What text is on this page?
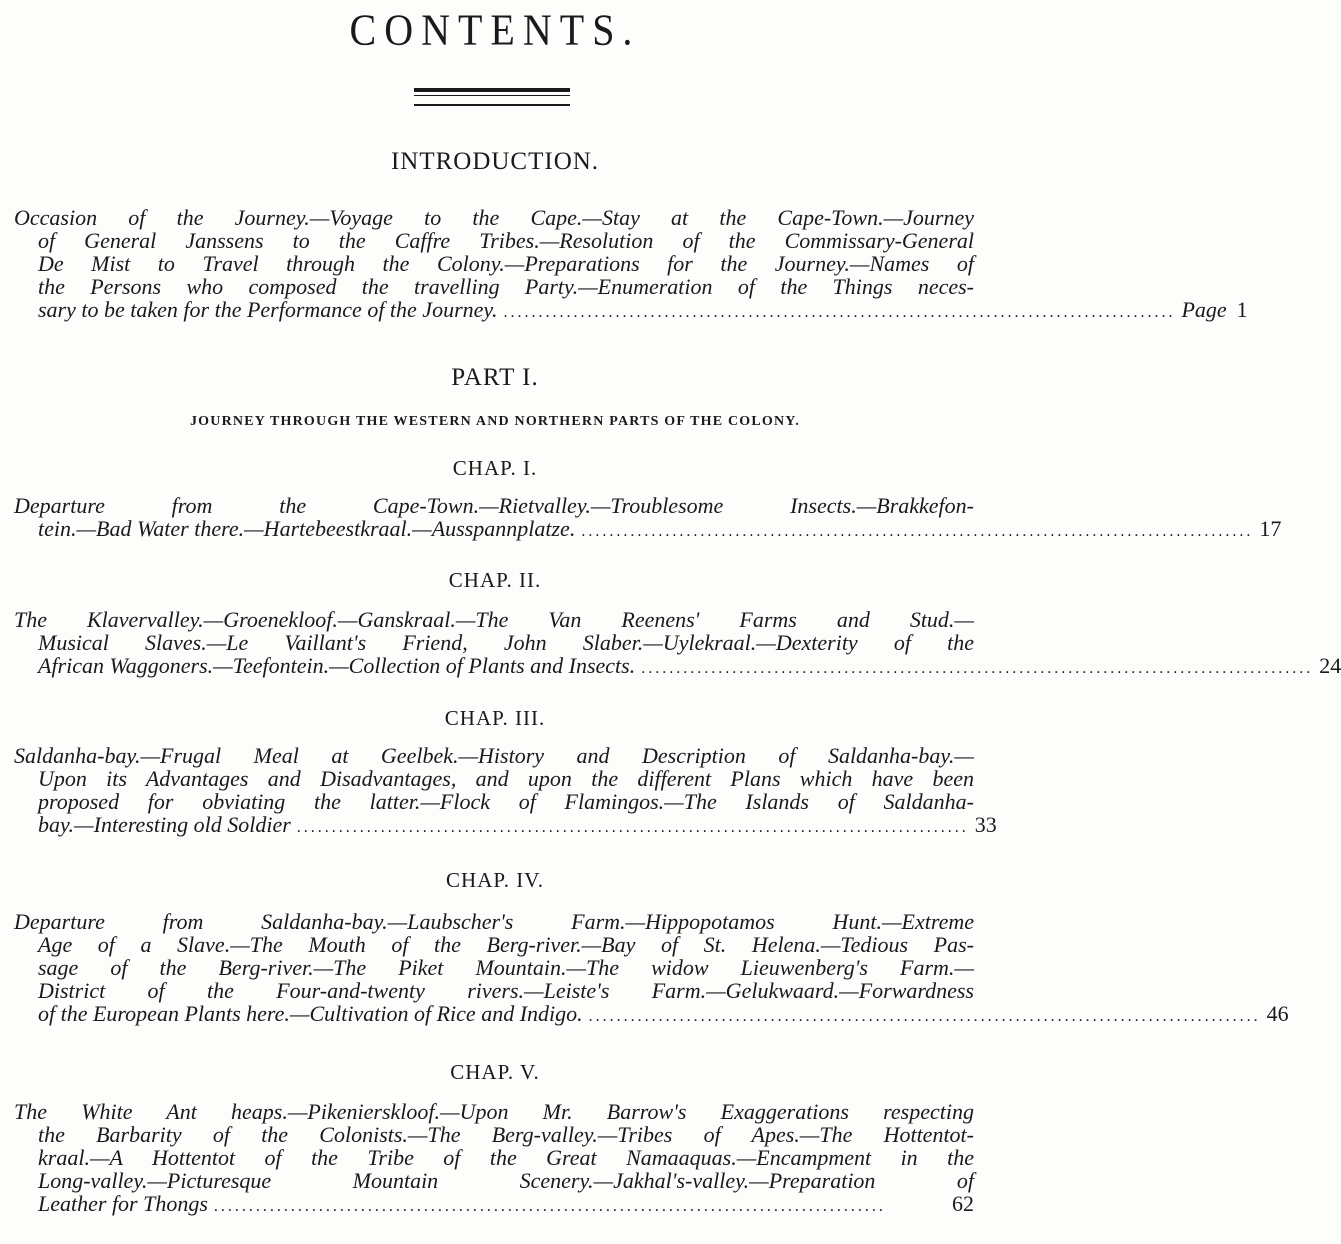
CONTENTS.
INTRODUCTION.
Occasion of the Journey.—Voyage to the Cape.—Stay at the Cape-Town.—Journey
of General Janssens to the Caffre Tribes.—Resolution of the Commissary-General
De Mist to Travel through the Colony.—Preparations for the Journey.—Names of
the Persons who composed the travelling Party.—Enumeration of the Things neces-
sary to be taken for the Performance of the Journey. ................................................................................................ Page 1
PART I.
JOURNEY THROUGH THE WESTERN AND NORTHERN PARTS OF THE COLONY.
CHAP. I.
Departure from the Cape-Town.—Rietvalley.—Troublesome Insects.—Brakkefon-
tein.—Bad Water there.—Hartebeestkraal.—Ausspannplatze. ................................................................................................ 17
CHAP. II.
The Klavervalley.—Groenekloof.—Ganskraal.—The Van Reenens' Farms and Stud.—
Musical Slaves.—Le Vaillant's Friend, John Slaber.—Uylekraal.—Dexterity of the
African Waggoners.—Teefontein.—Collection of Plants and Insects. ................................................................................................ 24
CHAP. III.
Saldanha-bay.—Frugal Meal at Geelbek.—History and Description of Saldanha-bay.—
Upon its Advantages and Disadvantages, and upon the different Plans which have been
proposed for obviating the latter.—Flock of Flamingos.—The Islands of Saldanha-
bay.—Interesting old Soldier ................................................................................................ 33
CHAP. IV.
Departure from Saldanha-bay.—Laubscher's Farm.—Hippopotamos Hunt.—Extreme
Age of a Slave.—The Mouth of the Berg-river.—Bay of St. Helena.—Tedious Pas-
sage of the Berg-river.—The Piket Mountain.—The widow Lieuwenberg's Farm.—
District of the Four-and-twenty rivers.—Leiste's Farm.—Gelukwaard.—Forwardness
of the European Plants here.—Cultivation of Rice and Indigo. ................................................................................................ 46
CHAP. V.
The White Ant heaps.—Pikenierskloof.—Upon Mr. Barrow's Exaggerations respecting
the Barbarity of the Colonists.—The Berg-valley.—Tribes of Apes.—The Hottentot-
kraal.—A Hottentot of the Tribe of the Great Namaaquas.—Encampment in the
Long-valley.—Picturesque Mountain Scenery.—Jakhal's-valley.—Preparation of
Leather for Thongs ................................................................................................	62
